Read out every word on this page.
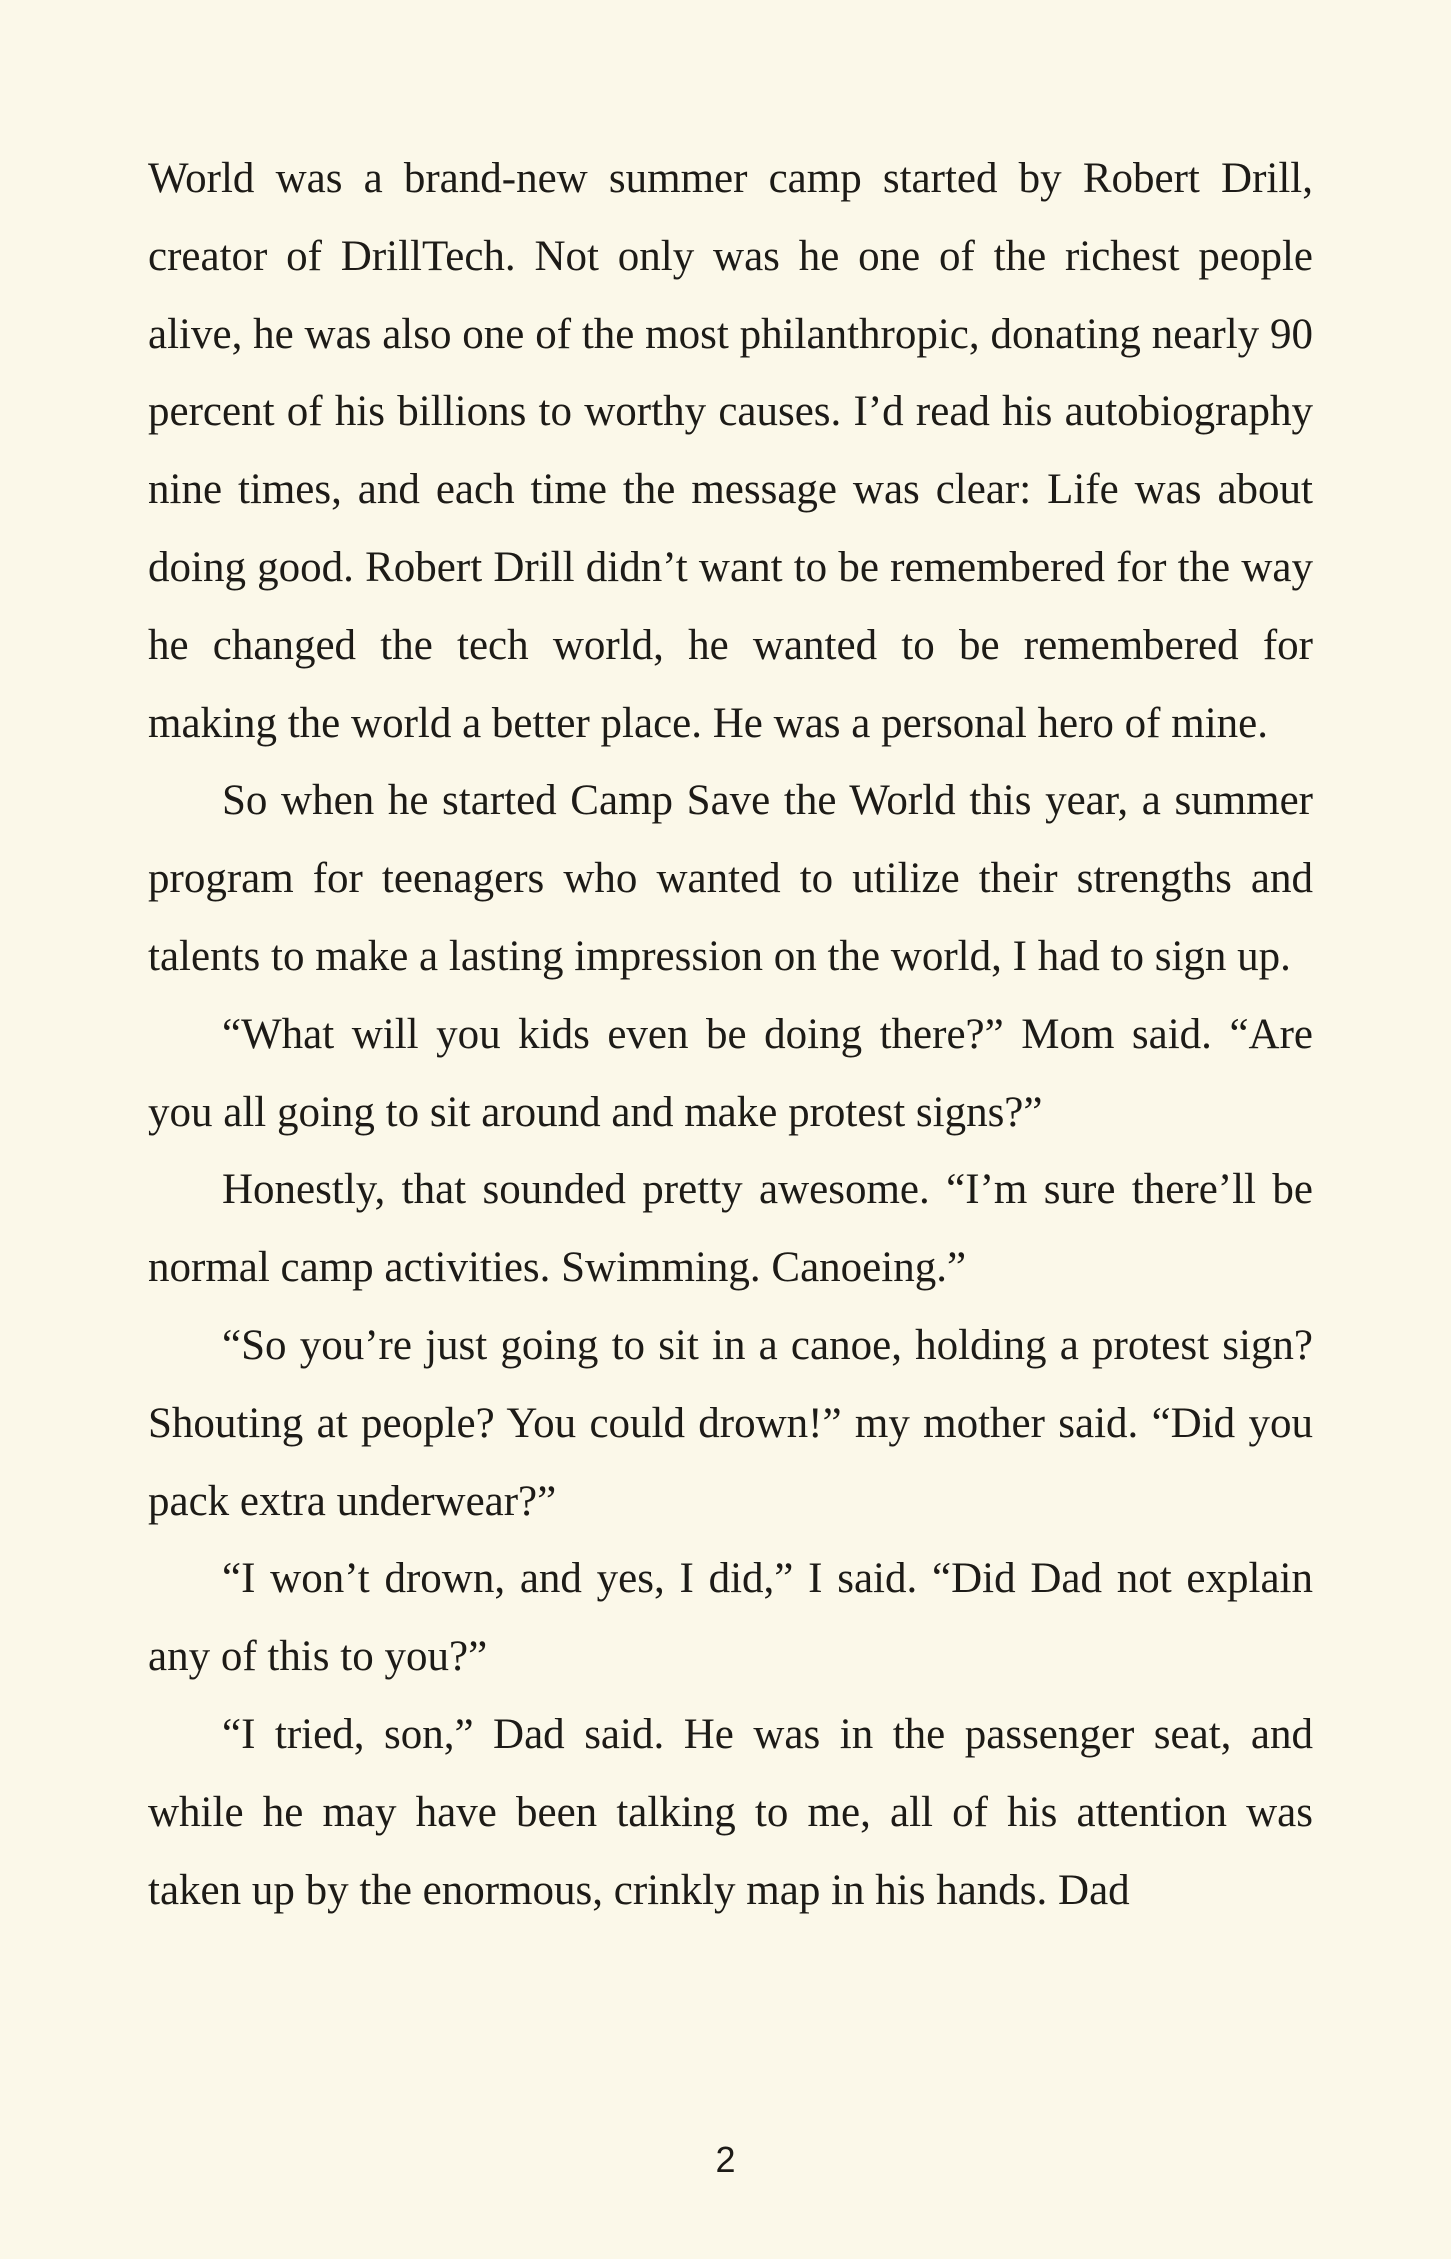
World was a brand-new summer camp started by Robert Drill, creator of DrillTech. Not only was he one of the richest people alive, he was also one of the most philanthropic, donating nearly 90 percent of his billions to worthy causes. I’d read his autobiography nine times, and each time the message was clear: Life was about doing good. Robert Drill didn’t want to be remembered for the way he changed the tech world, he wanted to be remembered for making the world a better place. He was a personal hero of mine.

So when he started Camp Save the World this year, a summer program for teenagers who wanted to utilize their strengths and talents to make a lasting impression on the world, I had to sign up.

“What will you kids even be doing there?” Mom said. “Are you all going to sit around and make protest signs?”

Honestly, that sounded pretty awesome. “I’m sure there’ll be normal camp activities. Swimming. Canoeing.”

“So you’re just going to sit in a canoe, holding a protest sign? Shouting at people? You could drown!” my mother said. “Did you pack extra underwear?”

“I won’t drown, and yes, I did,” I said. “Did Dad not explain any of this to you?”

“I tried, son,” Dad said. He was in the passenger seat, and while he may have been talking to me, all of his attention was taken up by the enormous, crinkly map in his hands. Dad

2
